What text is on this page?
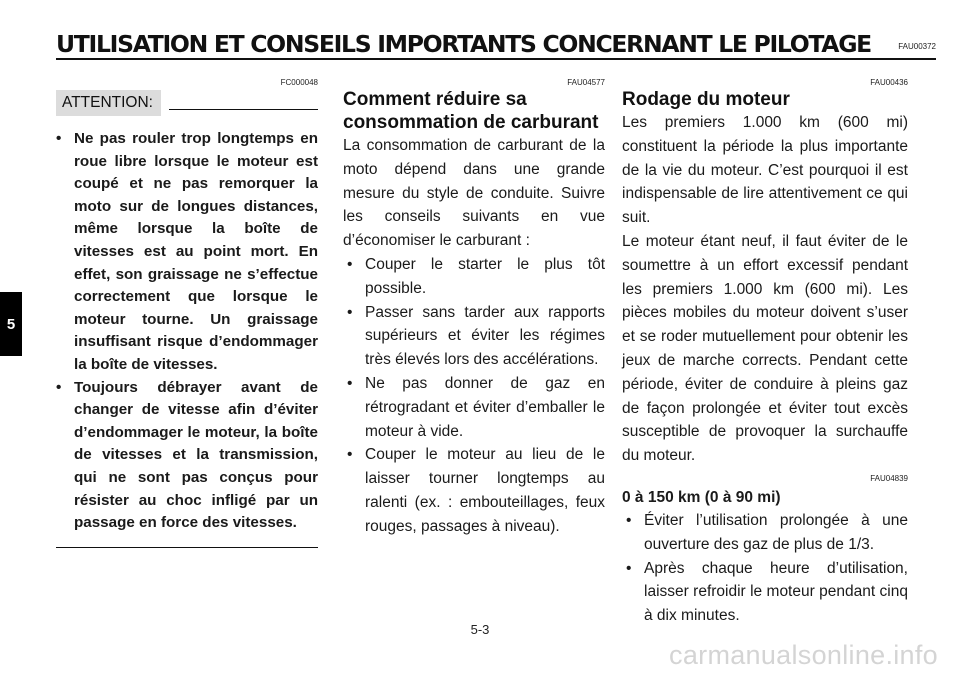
UTILISATION ET CONSEILS IMPORTANTS CONCERNANT LE PILOTAGE	FAU00372
5
FC000048
ATTENTION:
• Ne pas rouler trop longtemps en roue libre lorsque le moteur est coupé et ne pas remorquer la moto sur de longues distances, même lorsque la boîte de vitesses est au point mort. En effet, son graissage ne s’effectue correctement que lorsque le moteur tourne. Un graissage insuffisant risque d’endommager la boîte de vitesses.
• Toujours débrayer avant de changer de vitesse afin d’éviter d’endommager le moteur, la boîte de vitesses et la transmission, qui ne sont pas conçus pour résister au choc infligé par un passage en force des vitesses.
FAU04577
Comment réduire sa consommation de carburant

La consommation de carburant de la moto dépend dans une grande mesure du style de conduite. Suivre les conseils suivants en vue d’économiser le carburant :

• Couper le starter le plus tôt possible.
• Passer sans tarder aux rapports supérieurs et éviter les régimes très élevés lors des accélérations.
• Ne pas donner de gaz en rétrogradant et éviter d’emballer le moteur à vide.
• Couper le moteur au lieu de le laisser tourner longtemps au ralenti (ex. : embouteillages, feux rouges, passages à niveau).
FAU00436
Rodage du moteur

Les premiers 1.000 km (600 mi) constituent la période la plus importante de la vie du moteur. C’est pourquoi il est indispensable de lire attentivement ce qui suit.

Le moteur étant neuf, il faut éviter de le soumettre à un effort excessif pendant les premiers 1.000 km (600 mi). Les pièces mobiles du moteur doivent s’user et se roder mutuellement pour obtenir les jeux de marche corrects. Pendant cette période, éviter de conduire à pleins gaz de façon prolongée et éviter tout excès susceptible de provoquer la surchauffe du moteur.

FAU04839
0 à 150 km (0 à 90 mi)
• Éviter l’utilisation prolongée à une ouverture des gaz de plus de 1/3.
• Après chaque heure d’utilisation, laisser refroidir le moteur pendant cinq à dix minutes.
5-3
carmanualsonline.info
